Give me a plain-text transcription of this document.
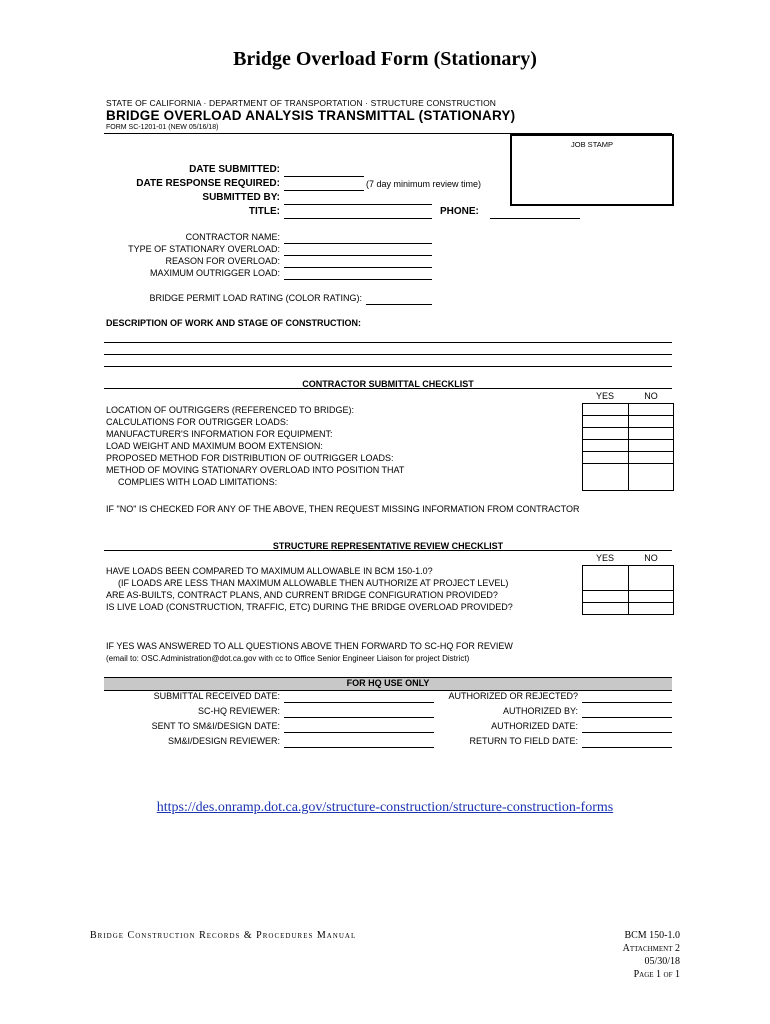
Bridge Overload Form (Stationary)
STATE OF CALIFORNIA · DEPARTMENT OF TRANSPORTATION · STRUCTURE CONSTRUCTION
BRIDGE OVERLOAD ANALYSIS TRANSMITTAL (STATIONARY)
FORM SC-1201-01 (NEW 05/16/18)
JOB STAMP
DATE SUBMITTED:
DATE RESPONSE REQUIRED:	(7 day minimum review time)
SUBMITTED BY:
TITLE:	PHONE:
CONTRACTOR NAME:
TYPE OF STATIONARY OVERLOAD:
REASON FOR OVERLOAD:
MAXIMUM OUTRIGGER LOAD:
BRIDGE PERMIT LOAD RATING (COLOR RATING):
DESCRIPTION OF WORK AND STAGE OF CONSTRUCTION:
CONTRACTOR SUBMITTAL CHECKLIST
YES	NO
LOCATION OF OUTRIGGERS (REFERENCED TO BRIDGE):
CALCULATIONS FOR OUTRIGGER LOADS:
MANUFACTURER'S INFORMATION FOR EQUIPMENT:
LOAD WEIGHT AND MAXIMUM BOOM EXTENSION:
PROPOSED METHOD FOR DISTRIBUTION OF OUTRIGGER LOADS:
METHOD OF MOVING STATIONARY OVERLOAD INTO POSITION THAT
COMPLIES WITH LOAD LIMITATIONS:
IF "NO" IS CHECKED FOR ANY OF THE ABOVE, THEN REQUEST MISSING INFORMATION FROM CONTRACTOR
STRUCTURE REPRESENTATIVE REVIEW CHECKLIST
YES	NO
HAVE LOADS BEEN COMPARED TO MAXIMUM ALLOWABLE IN BCM 150-1.0?
(IF LOADS ARE LESS THAN MAXIMUM ALLOWABLE THEN AUTHORIZE AT PROJECT LEVEL)
ARE AS-BUILTS, CONTRACT PLANS, AND CURRENT BRIDGE CONFIGURATION PROVIDED?
IS LIVE LOAD (CONSTRUCTION, TRAFFIC, ETC) DURING THE BRIDGE OVERLOAD PROVIDED?
IF YES WAS ANSWERED TO ALL QUESTIONS ABOVE THEN FORWARD TO SC-HQ FOR REVIEW
(email to: OSC.Administration@dot.ca.gov with cc to Office Senior Engineer Liaison for project District)
FOR HQ USE ONLY
SUBMITTAL RECEIVED DATE:
SC-HQ REVIEWER:
SENT TO SM&I/DESIGN DATE:
SM&I/DESIGN REVIEWER:
AUTHORIZED OR REJECTED?
AUTHORIZED BY:
AUTHORIZED DATE:
RETURN TO FIELD DATE:
https://des.onramp.dot.ca.gov/structure-construction/structure-construction-forms
Bridge Construction Records & Procedures Manual	BCM 150-1.0
Attachment 2
05/30/18
Page 1 of 1
